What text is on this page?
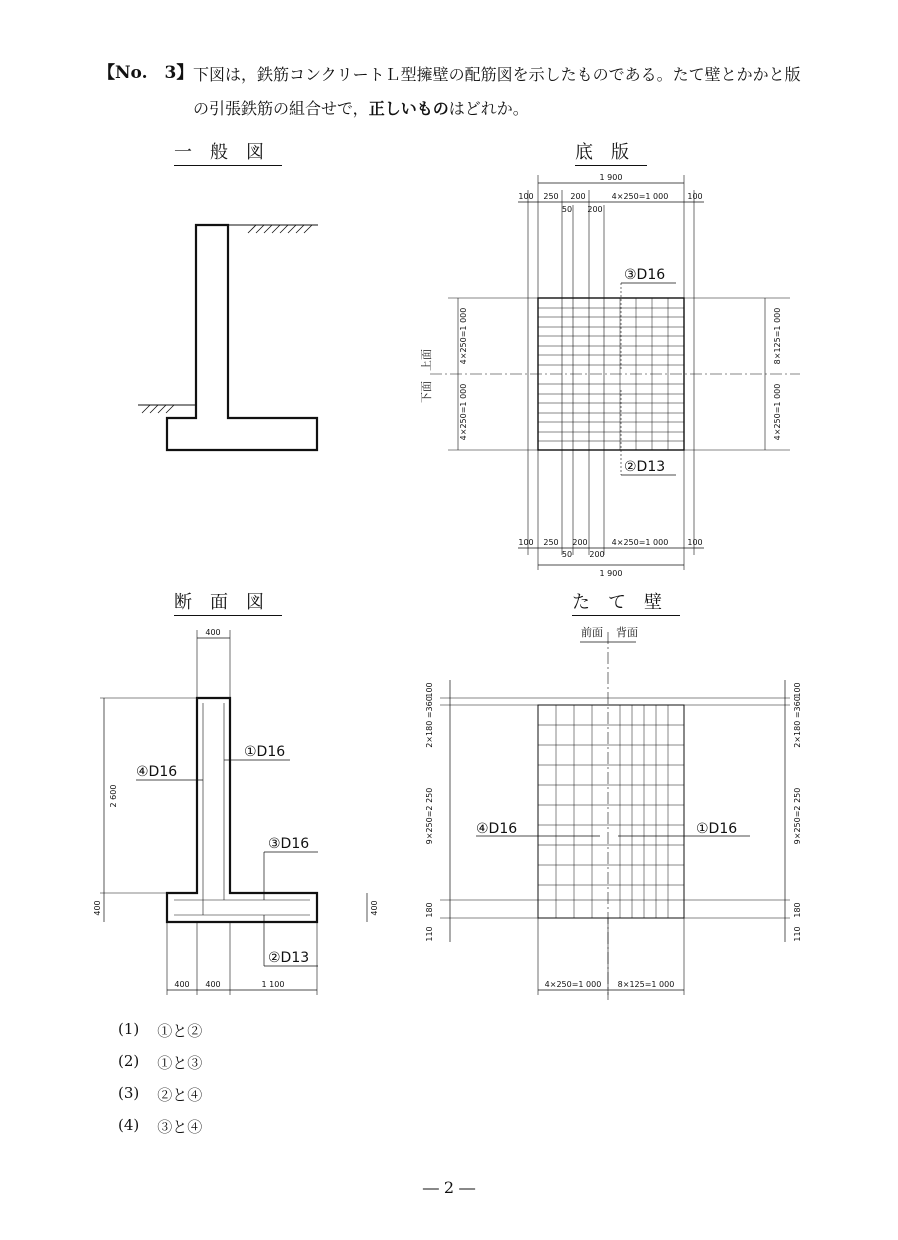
【No.　3】 下図は，鉄筋コンクリートＬ型擁壁の配筋図を示したものである。たて壁とかかと版
の引張鉄筋の組合せで，正しいものはどれか。
一般図	底版
断面図	たて壁
1 900
100 250 200	4×250=1 000 100
50 200
4×250=1 000
4×250=1 000
8×125=1 000
4×250=1 000
上面
下面
③D16
②D13
100 250 200	4×250=1 000 100
50 200
1 900
400
2 600
400	400
400 400	1 100
①D16
④D16
③D16
②D13
前面 背面
100
2×180 =360
9×250=2 250
180
110
100
2×180 =360
9×250=2 250
180
110
4×250=1 000 8×125=1 000
④D16	①D16
(1) ①と②
(2) ①と③
(3) ②と④
(4) ③と④
― 2 ―
